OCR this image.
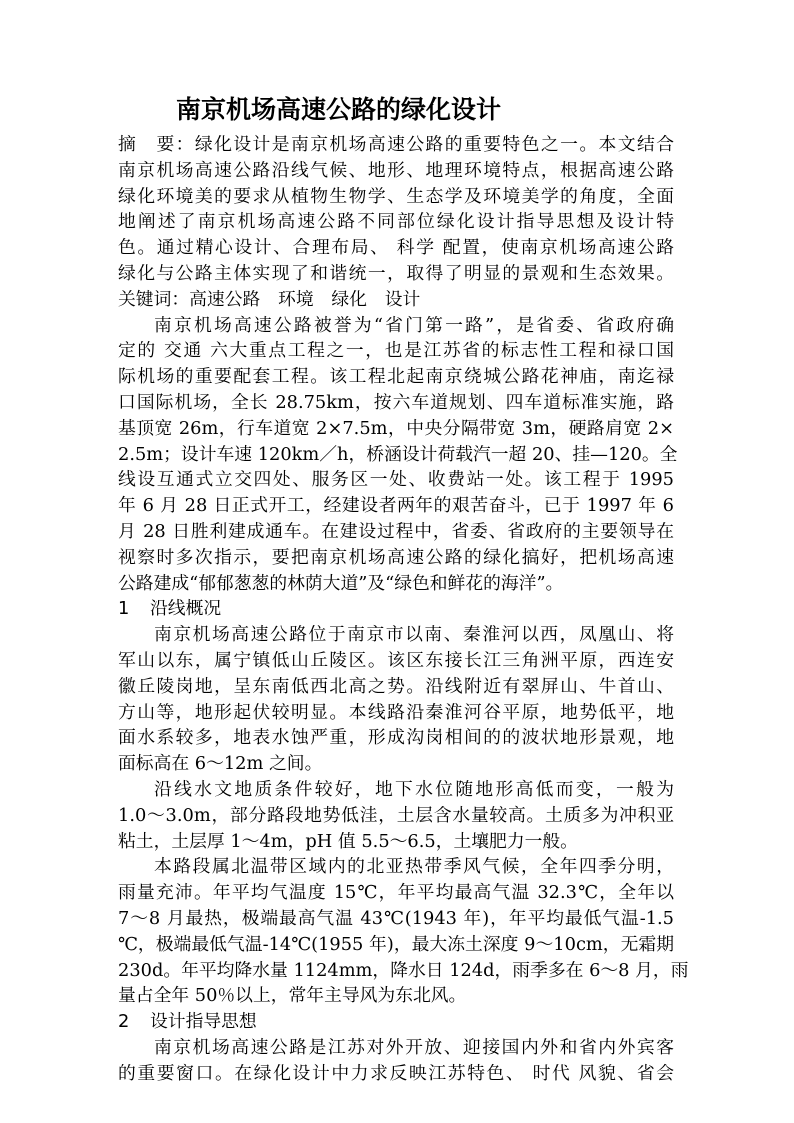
南京机场高速公路的绿化设计
摘　要：绿化设计是南京机场高速公路的重要特色之一。本文结合
南京机场高速公路沿线气候、地形、地理环境特点，根据高速公路
绿化环境美的要求从植物生物学、生态学及环境美学的角度，全面
地阐述了南京机场高速公路不同部位绿化设计指导思想及设计特
色。通过精心设计、合理布局、 科学 配置，使南京机场高速公路
绿化与公路主体实现了和谐统一，取得了明显的景观和生态效果。
关键词：高速公路　环境　绿化　设计
南京机场高速公路被誉为“省门第一路”，是省委、省政府确
定的 交通 六大重点工程之一，也是江苏省的标志性工程和禄口国
际机场的重要配套工程。该工程北起南京绕城公路花神庙，南迄禄
口国际机场，全长 28.75km，按六车道规划、四车道标准实施，路
基顶宽 26m，行车道宽 2×7.5m，中央分隔带宽 3m，硬路肩宽 2×
2.5m；设计车速 120km／h，桥涵设计荷载汽一超 20、挂—120。全
线设互通式立交四处、服务区一处、收费站一处。该工程于 1995
年 6 月 28 日正式开工，经建设者两年的艰苦奋斗，已于 1997 年 6
月 28 日胜利建成通车。在建设过程中，省委、省政府的主要领导在
视察时多次指示，要把南京机场高速公路的绿化搞好，把机场高速
公路建成“郁郁葱葱的林荫大道”及“绿色和鲜花的海洋”。
1 沿线概况
南京机场高速公路位于南京市以南、秦淮河以西，凤凰山、将
军山以东，属宁镇低山丘陵区。该区东接长江三角洲平原，西连安
徽丘陵岗地，呈东南低西北高之势。沿线附近有翠屏山、牛首山、
方山等，地形起伏较明显。本线路沿秦淮河谷平原，地势低平，地
面水系较多，地表水蚀严重，形成沟岗相间的的波状地形景观，地
面标高在 6～12m 之间。
沿线水文地质条件较好，地下水位随地形高低而变，一般为
1.0～3.0m，部分路段地势低洼，土层含水量较高。土质多为冲积亚
粘土，土层厚 1～4m，pH 值 5.5～6.5，土壤肥力一般。
本路段属北温带区域内的北亚热带季风气候，全年四季分明，
雨量充沛。年平均气温度 15℃，年平均最高气温 32.3℃，全年以
7～8 月最热，极端最高气温 43℃(1943 年)，年平均最低气温-1.5
℃，极端最低气温-14℃(1955 年)，最大冻土深度 9～10cm，无霜期
230d。年平均降水量 1124mm，降水日 124d，雨季多在 6～8 月，雨
量占全年 50％以上，常年主导风为东北风。
2 设计指导思想
南京机场高速公路是江苏对外开放、迎接国内外和省内外宾客
的重要窗口。在绿化设计中力求反映江苏特色、 时代 风貌、省会
